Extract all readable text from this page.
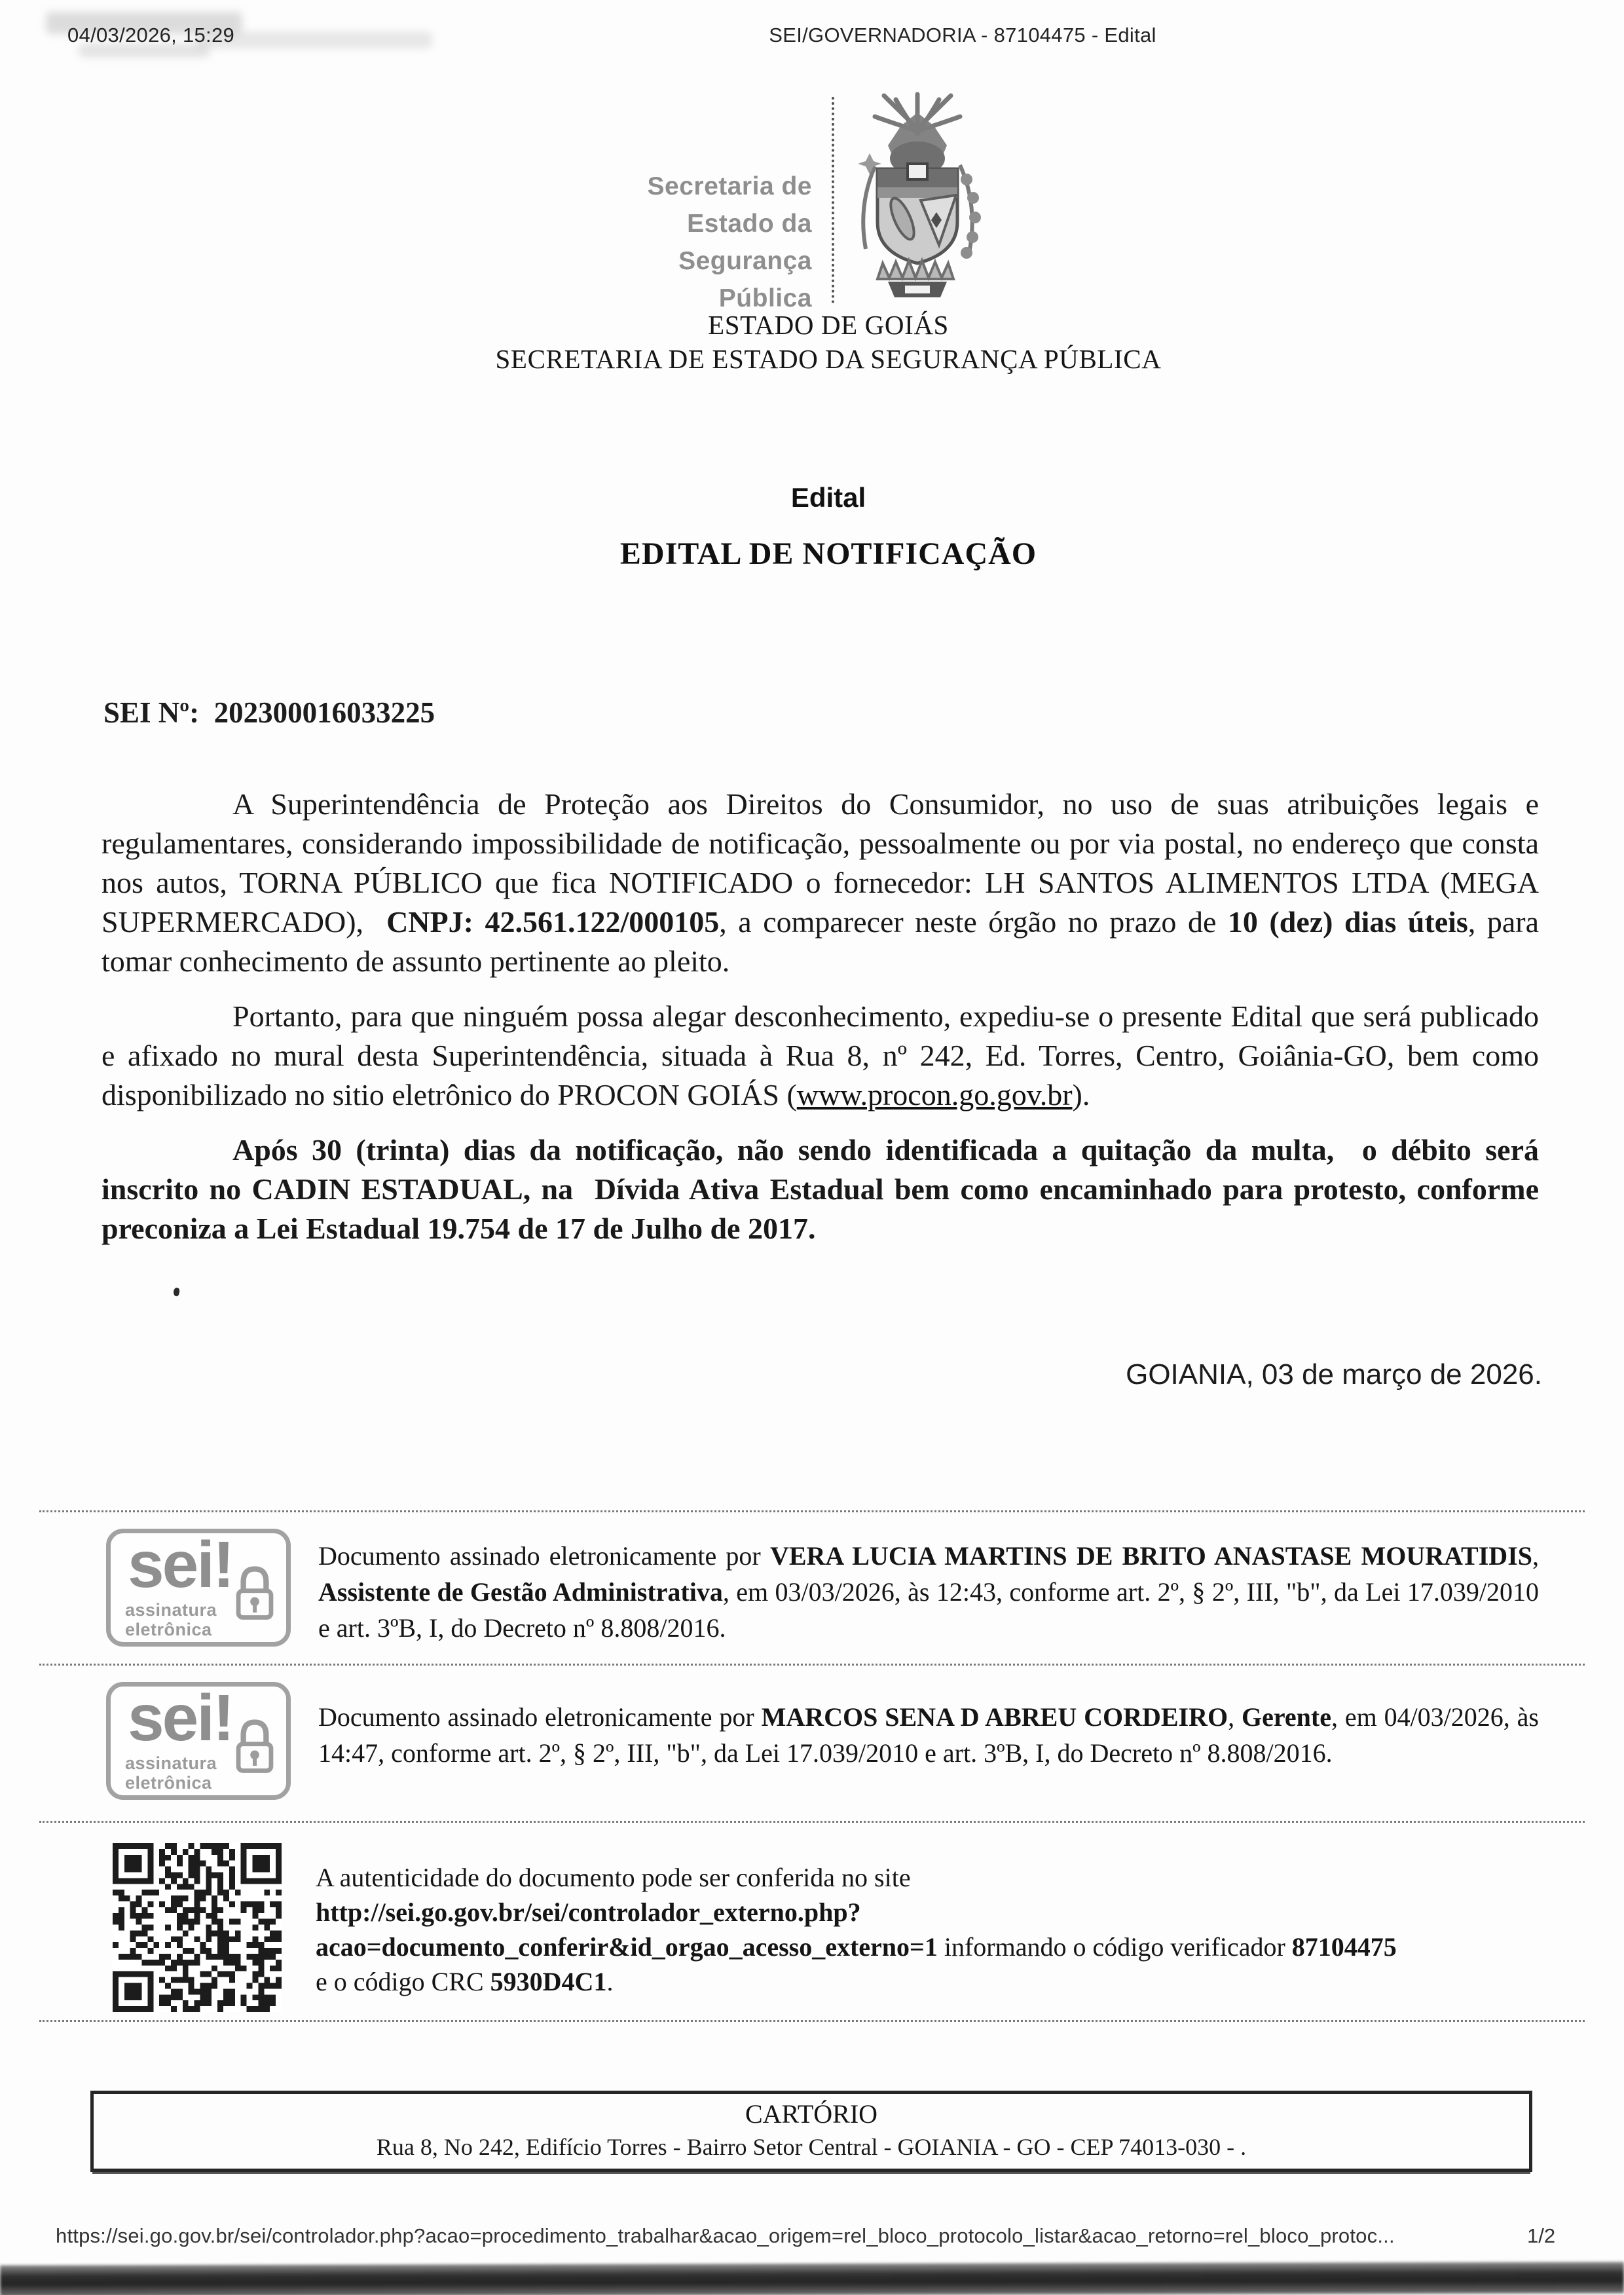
04/03/2026, 15:29	SEI/GOVERNADORIA - 87104475 - Edital
Secretaria de
Estado da
Segurança
Pública
ESTADO DE GOIÁS
SECRETARIA DE ESTADO DA SEGURANÇA PÚBLICA
Edital
EDITAL DE NOTIFICAÇÃO
SEI Nº:  202300016033225

A Superintendência de Proteção aos Direitos do Consumidor, no uso de suas atribuições legais e regulamentares, considerando impossibilidade de notificação, pessoalmente ou por via postal, no endereço que consta nos autos, TORNA PÚBLICO que fica NOTIFICADO o fornecedor: LH SANTOS ALIMENTOS LTDA (MEGA SUPERMERCADO),  CNPJ: 42.561.122/000105, a comparecer neste órgão no prazo de 10 (dez) dias úteis, para tomar conhecimento de assunto pertinente ao pleito.

Portanto, para que ninguém possa alegar desconhecimento, expediu-se o presente Edital que será publicado e afixado no mural desta Superintendência, situada à Rua 8, nº 242, Ed. Torres, Centro, Goiânia-GO, bem como disponibilizado no sitio eletrônico do PROCON GOIÁS (www.procon.go.gov.br).

Após 30 (trinta) dias da notificação, não sendo identificada a quitação da multa,  o débito será inscrito no CADIN ESTADUAL, na  Dívida Ativa Estadual bem como encaminhado para protesto, conforme preconiza a Lei Estadual 19.754 de 17 de Julho de 2017.

GOIANIA, 03 de março de 2026.
sei!
assinatura
eletrônica
Documento assinado eletronicamente por VERA LUCIA MARTINS DE BRITO ANASTASE MOURATIDIS, Assistente de Gestão Administrativa, em 03/03/2026, às 12:43, conforme art. 2º, § 2º, III, "b", da Lei 17.039/2010 e art. 3ºB, I, do Decreto nº 8.808/2016.
sei!
assinatura
eletrônica
Documento assinado eletronicamente por MARCOS SENA D ABREU CORDEIRO, Gerente, em 04/03/2026, às 14:47, conforme art. 2º, § 2º, III, "b", da Lei 17.039/2010 e art. 3ºB, I, do Decreto nº 8.808/2016.
A autenticidade do documento pode ser conferida no site
http://sei.go.gov.br/sei/controlador_externo.php?
acao=documento_conferir&id_orgao_acesso_externo=1 informando o código verificador 87104475
e o código CRC 5930D4C1.
CARTÓRIO
Rua 8, No 242, Edifício Torres - Bairro Setor Central - GOIANIA - GO - CEP 74013-030 - .
https://sei.go.gov.br/sei/controlador.php?acao=procedimento_trabalhar&acao_origem=rel_bloco_protocolo_listar&acao_retorno=rel_bloco_protoc...	1/2
